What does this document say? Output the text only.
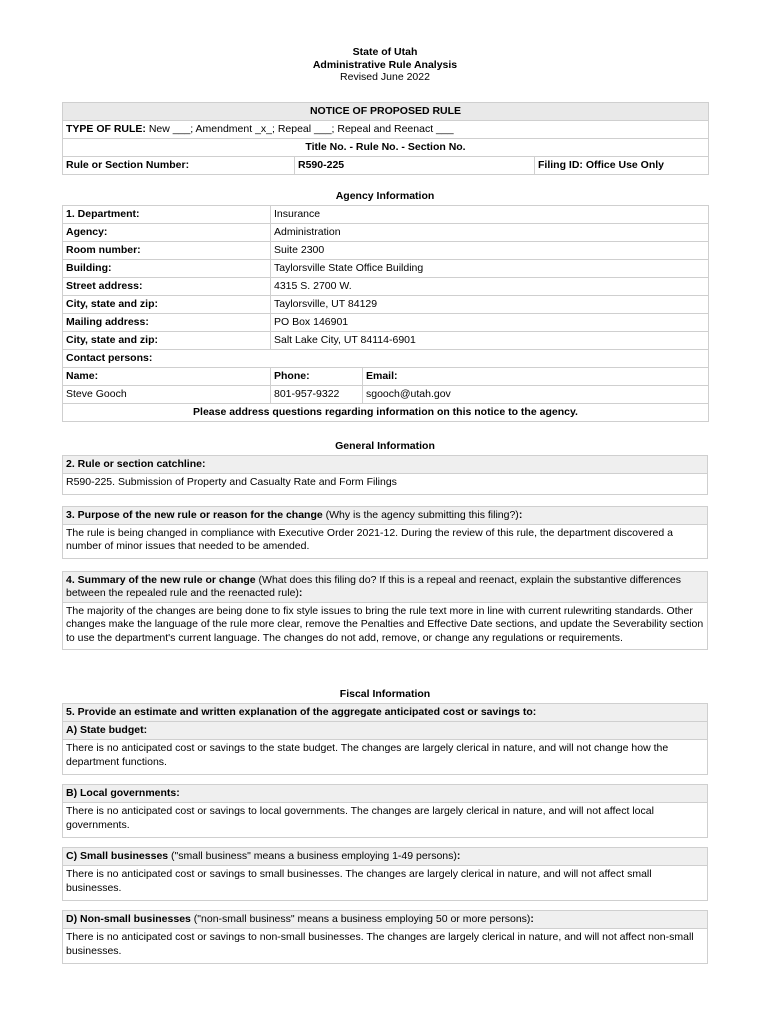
State of Utah
Administrative Rule Analysis
Revised June 2022
NOTICE OF PROPOSED RULE
TYPE OF RULE: New ___; Amendment _x_; Repeal ___; Repeal and Reenact ___
Title No. - Rule No. - Section No.
Rule or Section Number:	R590-225	Filing ID: Office Use Only
Agency Information
1. Department:	Insurance	
Agency:	Administration	
Room number:	Suite 2300	
Building:	Taylorsville State Office Building	
Street address:	4315 S. 2700 W.	
City, state and zip:	Taylorsville, UT 84129	
Mailing address:	PO Box 146901	
City, state and zip:	Salt Lake City, UT 84114-6901	
Contact persons:		
Name:	Phone:	Email:
Steve Gooch	801-957-9322	sgooch@utah.gov
Please address questions regarding information on this notice to the agency.		
General Information
2. Rule or section catchline:
R590-225. Submission of Property and Casualty Rate and Form Filings
3. Purpose of the new rule or reason for the change (Why is the agency submitting this filing?):
The rule is being changed in compliance with Executive Order 2021-12. During the review of this rule, the department discovered a number of minor issues that needed to be amended.
4. Summary of the new rule or change (What does this filing do? If this is a repeal and reenact, explain the substantive differences between the repealed rule and the reenacted rule):
The majority of the changes are being done to fix style issues to bring the rule text more in line with current rulewriting standards. Other changes make the language of the rule more clear, remove the Penalties and Effective Date sections, and update the Severability section to use the department's current language. The changes do not add, remove, or change any regulations or requirements.
Fiscal Information
5. Provide an estimate and written explanation of the aggregate anticipated cost or savings to:
A) State budget:
There is no anticipated cost or savings to the state budget. The changes are largely clerical in nature, and will not change how the department functions.
B) Local governments:
There is no anticipated cost or savings to local governments. The changes are largely clerical in nature, and will not affect local governments.
C) Small businesses ("small business" means a business employing 1-49 persons):
There is no anticipated cost or savings to small businesses. The changes are largely clerical in nature, and will not affect small businesses.
D) Non-small businesses ("non-small business" means a business employing 50 or more persons):
There is no anticipated cost or savings to non-small businesses. The changes are largely clerical in nature, and will not affect non-small businesses.
